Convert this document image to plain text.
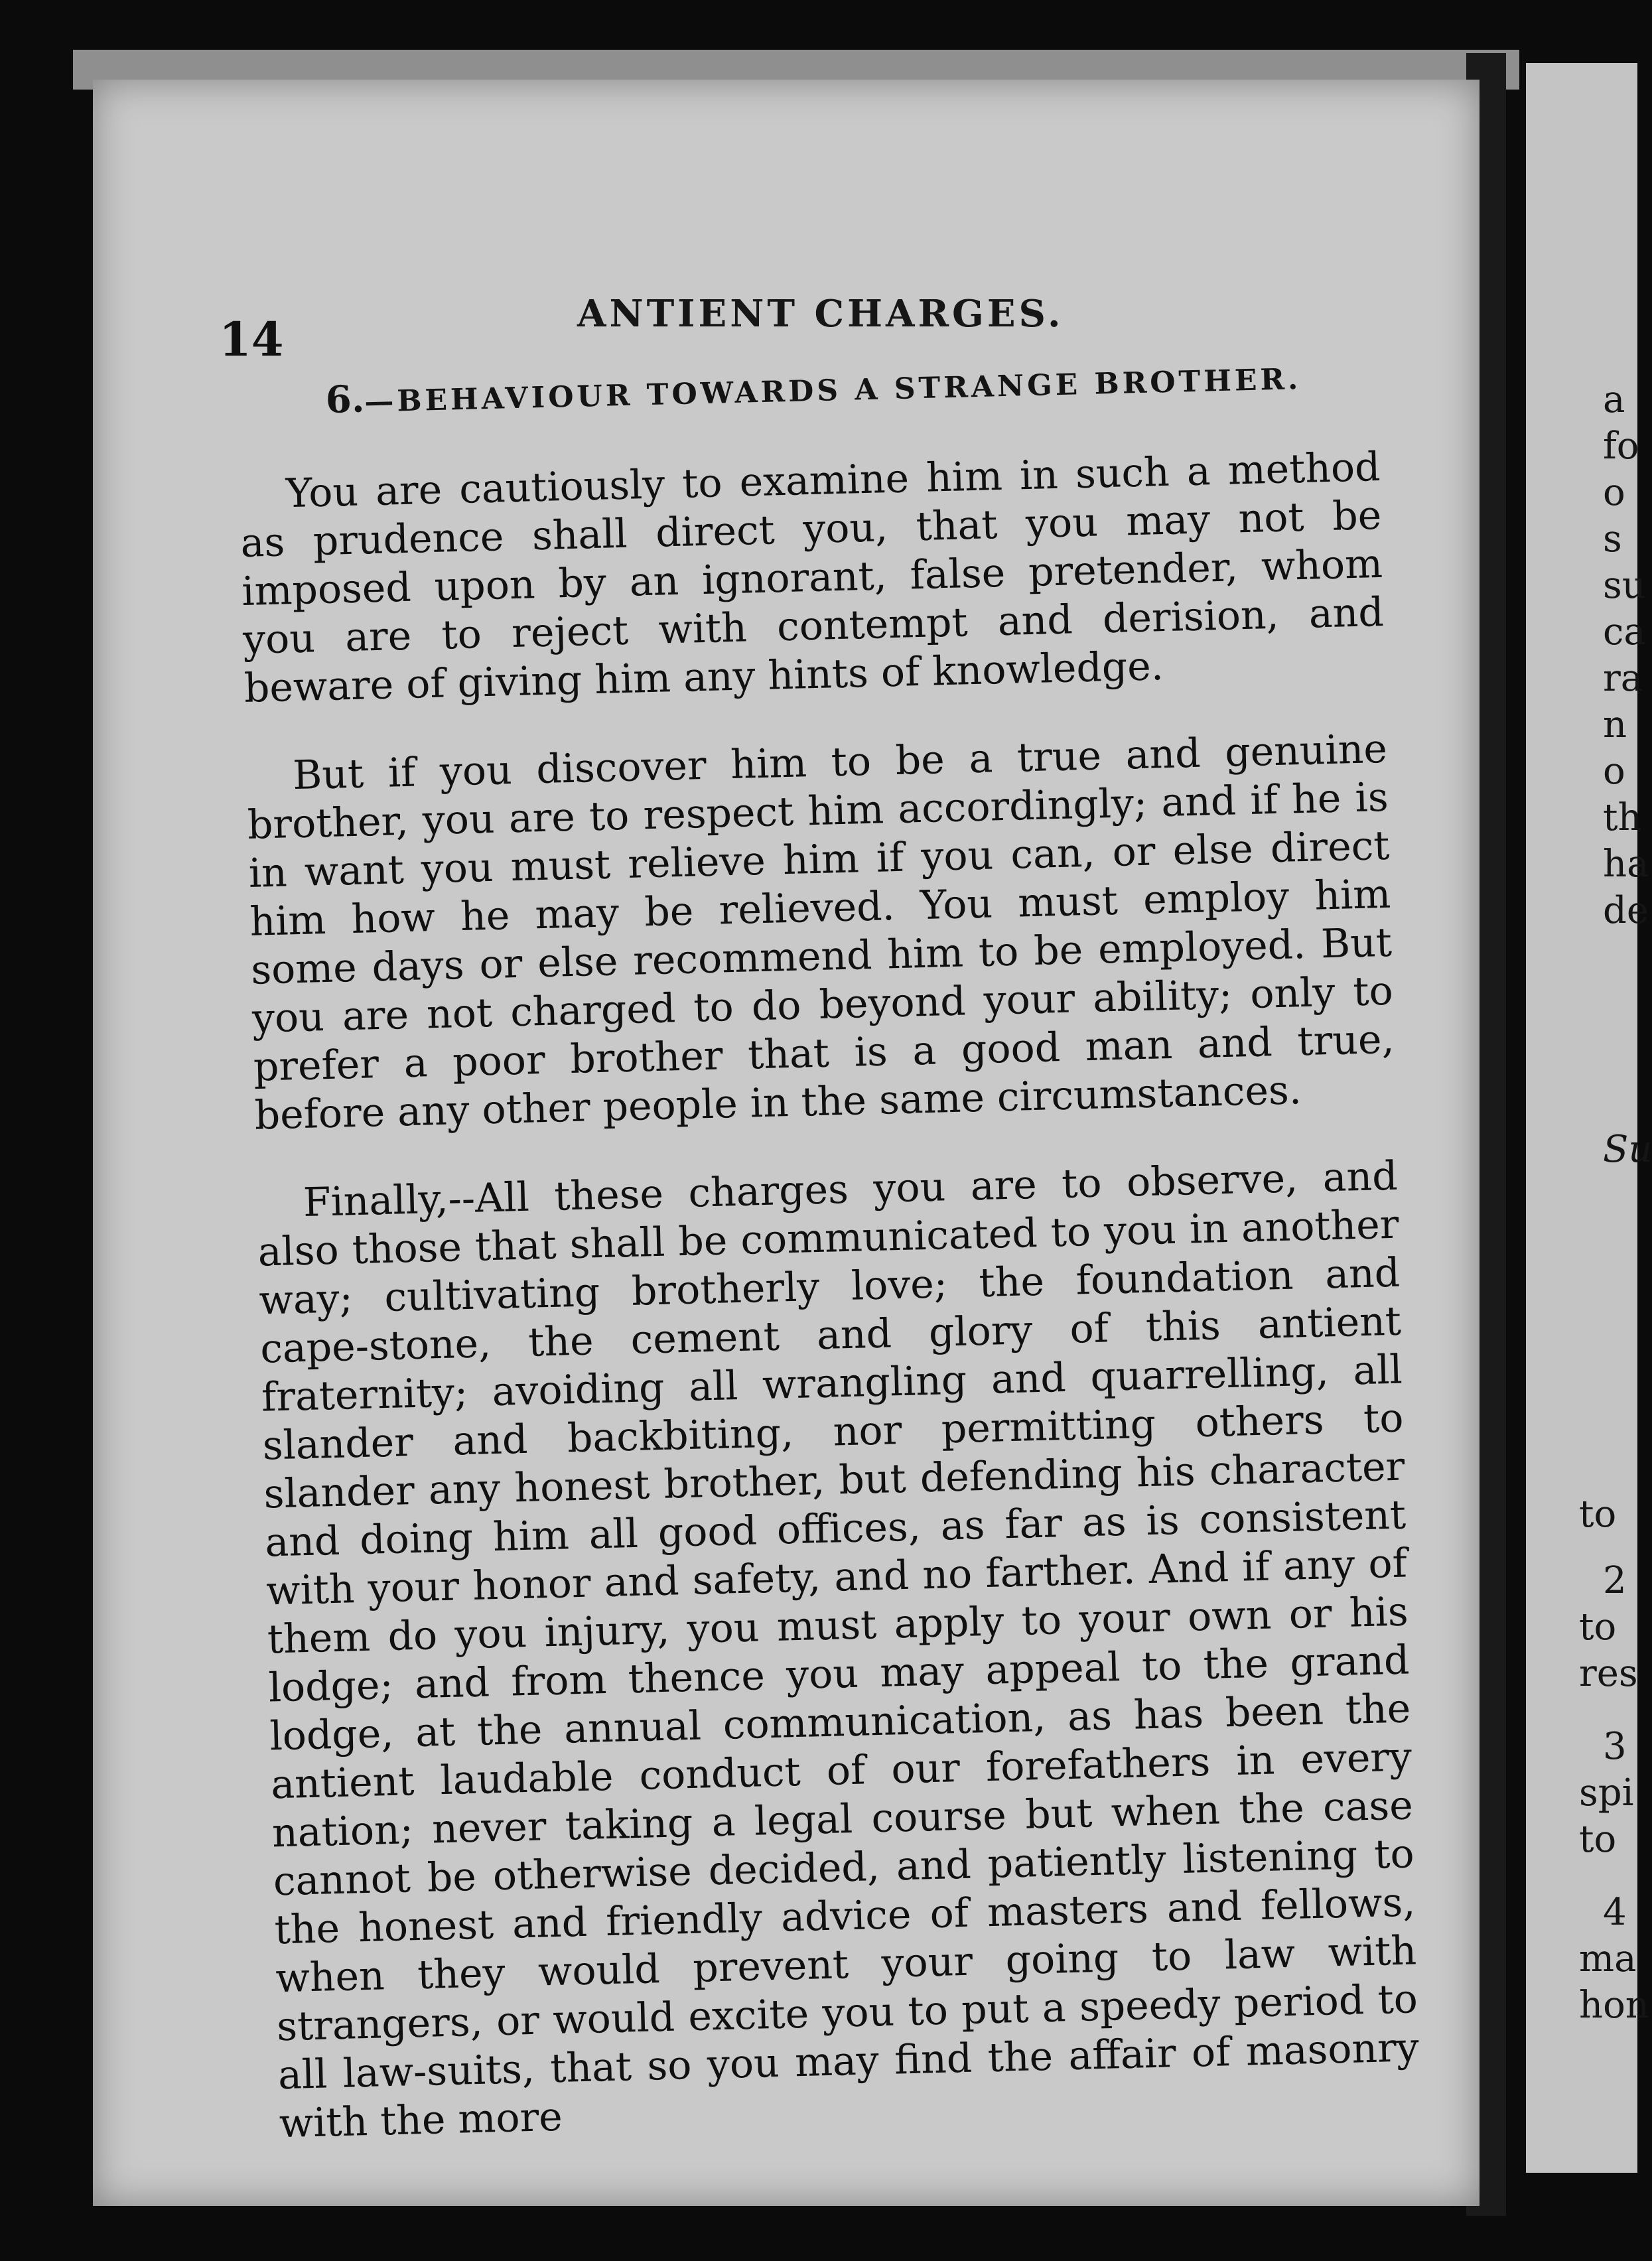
14	ANTIENT CHARGES.
6.—BEHAVIOUR TOWARDS A STRANGE BROTHER.

You are cautiously to examine him in such a method as prudence shall direct you, that you may not be imposed upon by an ignorant, false pretender, whom you are to reject with contempt and derision, and beware of giving him any hints of knowledge.

But if you discover him to be a true and genuine brother, you are to respect him accordingly; and if he is in want you must relieve him if you can, or else direct him how he may be relieved. You must employ him some days or else recommend him to be employed. But you are not charged to do beyond your ability; only to prefer a poor brother that is a good man and true, before any other people in the same circumstances.

Finally,--All these charges you are to observe, and also those that shall be communicated to you in another way; cultivating brotherly love; the foundation and cape-stone, the cement and glory of this antient fraternity; avoiding all wrangling and quarrelling, all slander and backbiting, nor permitting others to slander any honest brother, but defending his character and doing him all good offices, as far as is consistent with your honor and safety, and no farther. And if any of them do you injury, you must apply to your own or his lodge; and from thence you may appeal to the grand lodge, at the annual communication, as has been the antient laudable conduct of our forefathers in every nation; never taking a legal course but when the case cannot be otherwise decided, and patiently listening to the honest and friendly advice of masters and fellows, when they would prevent your going to law with strangers, or would excite you to put a speedy period to all law-suits, that so you may find the affair of masonry with the more

a
fo
o
s
su
ca
ra
n
o
th
ha
de
Su
to
2
to
res
3
spi
to
4
ma
hon
